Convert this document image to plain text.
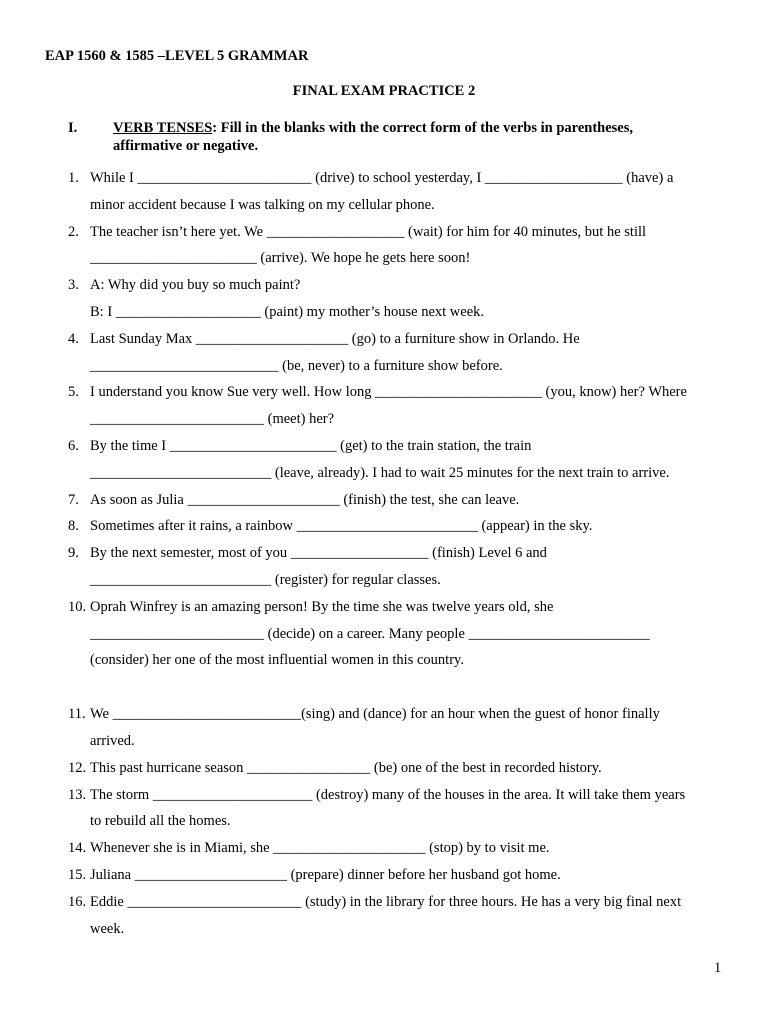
EAP 1560 & 1585 –LEVEL 5 GRAMMAR
FINAL EXAM PRACTICE 2
I. VERB TENSES: Fill in the blanks with the correct form of the verbs in parentheses, affirmative or negative.
1. While I ________________________ (drive) to school yesterday, I ___________________ (have) a
minor accident because I was talking on my cellular phone.
2. The teacher isn’t here yet. We ___________________ (wait) for him for 40 minutes, but he still
_______________________ (arrive). We hope he gets here soon!
3. A: Why did you buy so much paint?
B: I ____________________ (paint) my mother’s house next week.
4. Last Sunday Max _____________________ (go) to a furniture show in Orlando. He
__________________________ (be, never) to a furniture show before.
5. I understand you know Sue very well. How long _______________________ (you, know) her? Where
________________________ (meet) her?
6. By the time I _______________________ (get) to the train station, the train
_________________________ (leave, already). I had to wait 25 minutes for the next train to arrive.
7. As soon as Julia _____________________ (finish) the test, she can leave.
8. Sometimes after it rains, a rainbow _________________________ (appear) in the sky.
9. By the next semester, most of you ___________________ (finish) Level 6 and
_________________________ (register) for regular classes.
10. Oprah Winfrey is an amazing person! By the time she was twelve years old, she
________________________ (decide) on a career. Many people _________________________
(consider) her one of the most influential women in this country.
11. We __________________________(sing) and (dance) for an hour when the guest of honor finally
arrived.
12. This past hurricane season _________________ (be) one of the best in recorded history.
13. The storm ______________________ (destroy) many of the houses in the area. It will take them years
to rebuild all the homes.
14. Whenever she is in Miami, she _____________________ (stop) by to visit me.
15. Juliana _____________________ (prepare) dinner before her husband got home.
16. Eddie ________________________ (study) in the library for three hours. He has a very big final next
week.
1
